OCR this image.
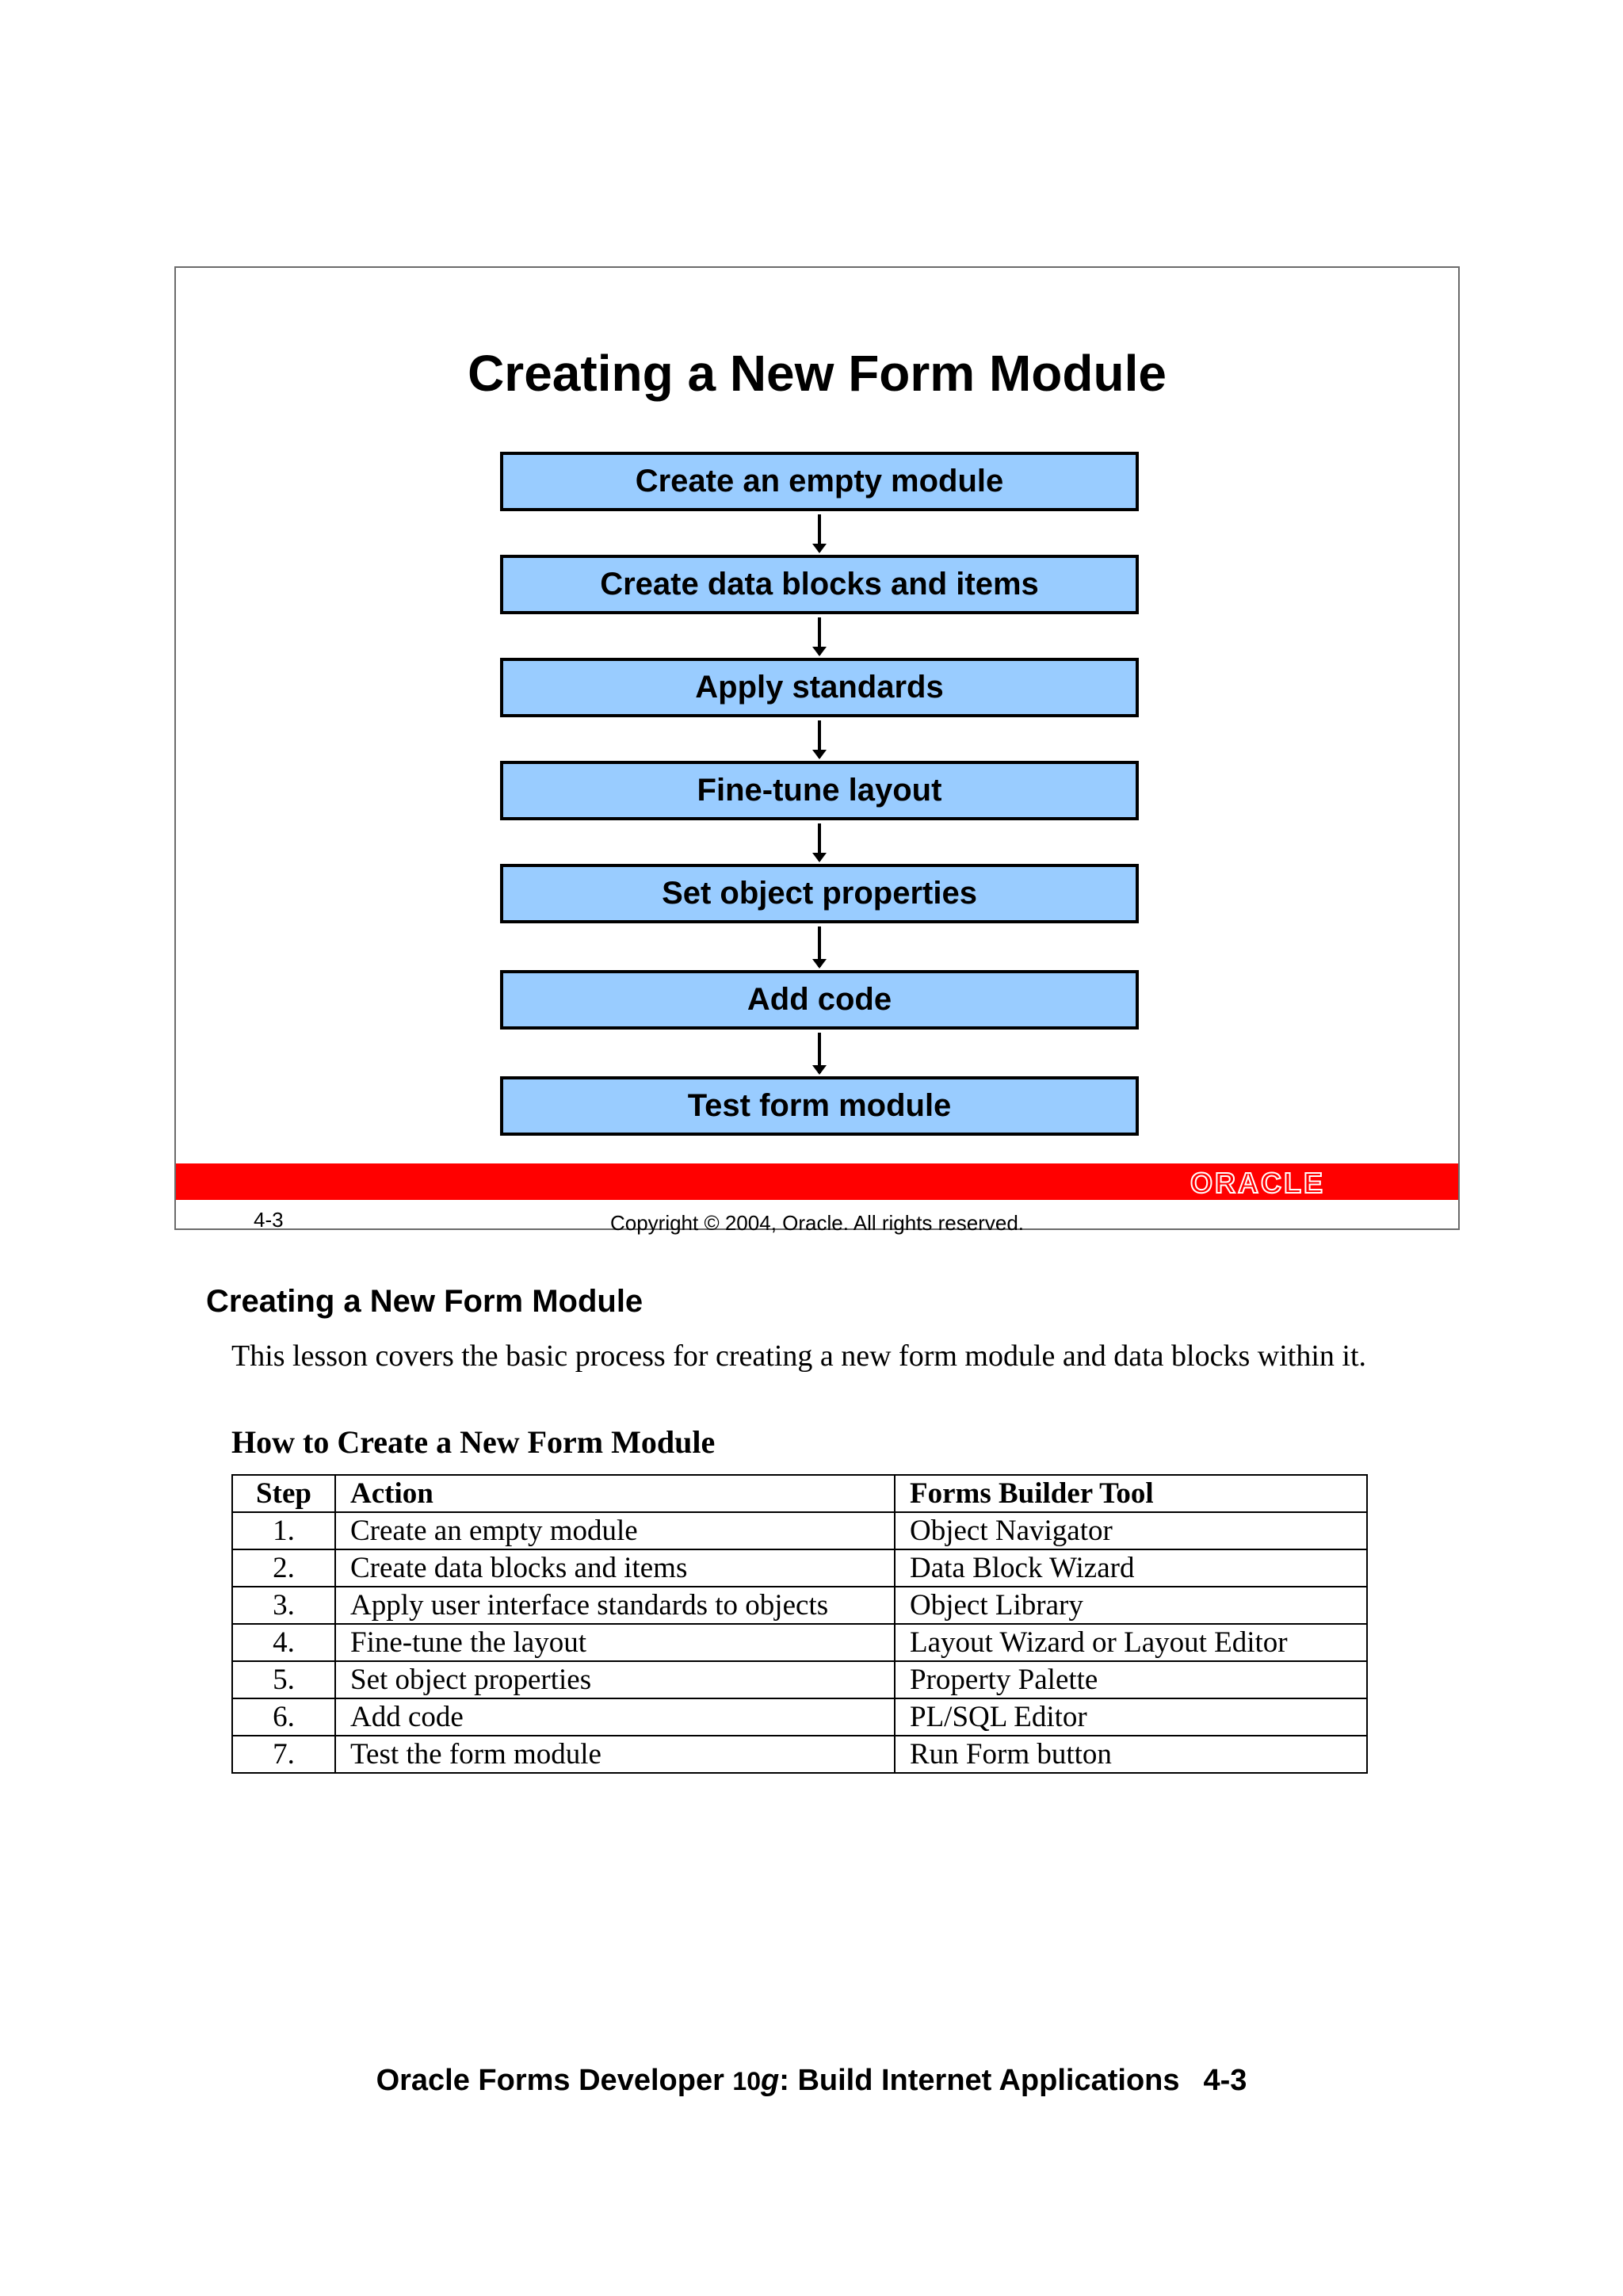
Creating a New Form Module
Create an empty module
Create data blocks and items
Apply standards
Fine-tune layout
Set object properties
Add code
Test form module
ORACLE
4-3	Copyright © 2004, Oracle. All rights reserved.
Creating a New Form Module
This lesson covers the basic process for creating a new form module and data blocks within it.
How to Create a New Form Module
Step	Action	Forms Builder Tool
1.	Create an empty module	Object Navigator
2.	Create data blocks and items	Data Block Wizard
3.	Apply user interface standards to objects	Object Library
4.	Fine-tune the layout	Layout Wizard or Layout Editor
5.	Set object properties	Property Palette
6.	Add code	PL/SQL Editor
7.	Test the form module	Run Form button
Oracle Forms Developer 10g: Build Internet Applications 4-3
